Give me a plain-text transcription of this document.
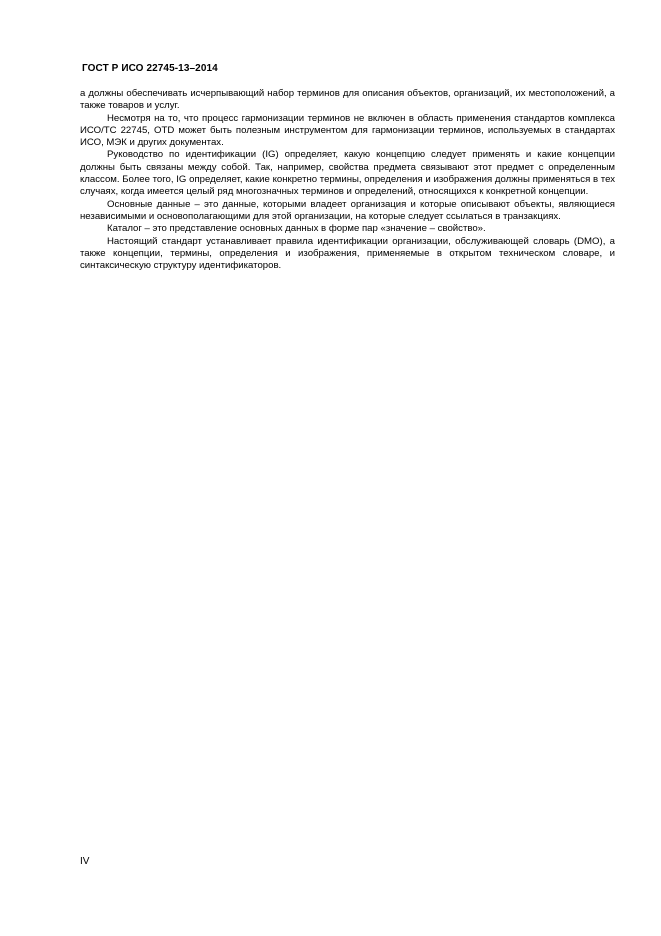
ГОСТ Р ИСО 22745-13–2014

а должны обеспечивать исчерпывающий набор терминов для описания объектов, организаций, их местоположений, а также товаров и услуг.

Несмотря на то, что процесс гармонизации терминов не включен в область применения стандартов комплекса ИСО/ТС 22745, OTD может быть полезным инструментом для гармонизации терминов, используемых в стандартах ИСО, МЭК и других документах.

Руководство по идентификации (IG) определяет, какую концепцию следует применять и какие концепции должны быть связаны между собой. Так, например, свойства предмета связывают этот предмет с определенным классом. Более того, IG определяет, какие конкретно термины, определения и изображения должны применяться в тех случаях, когда имеется целый ряд многозначных терминов и определений, относящихся к конкретной концепции.

Основные данные – это данные, которыми владеет организация и которые описывают объекты, являющиеся независимыми и основополагающими для этой организации, на которые следует ссылаться в транзакциях.

Каталог – это представление основных данных в форме пар «значение – свойство».

Настоящий стандарт устанавливает правила идентификации организации, обслуживающей словарь (DMO), а также концепции, термины, определения и изображения, применяемые в открытом техническом словаре, и синтаксическую структуру идентификаторов.

IV
